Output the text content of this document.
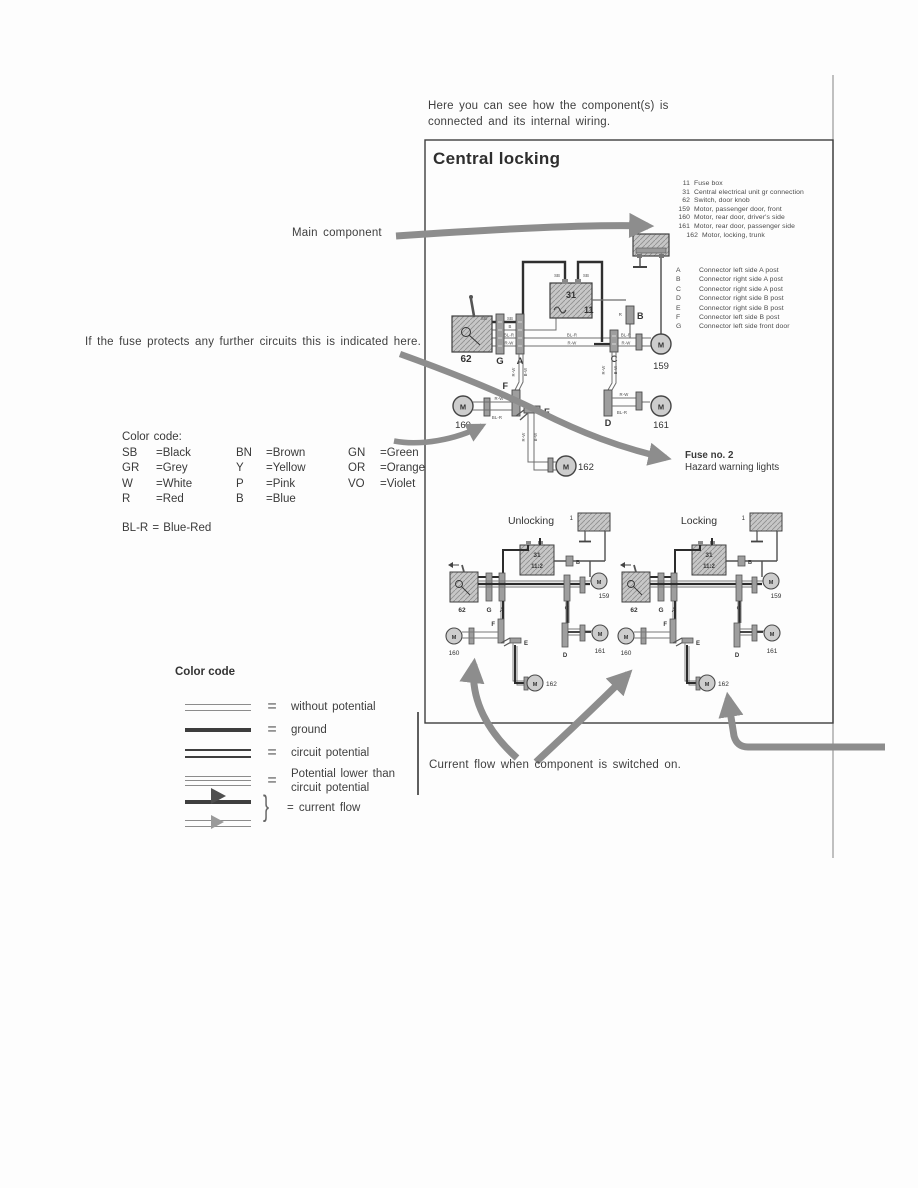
1
31
11:2
B
62	G	A	C
M
159
F
E
M
160
M	162
D
M
161
62	G A
SB	SB
B
BL-R
R-W
BL-R
R-W
BL-R
R-W
SB	SB
31
11	R B
M
159
C
R-W B-W
F
E
M
160
R-W
BL-R
R-W B-W
M 162
R-W B-W
D
R-W
BL-R
M
161
Unlocking	Locking
Here you can see how the component(s) is connected and its internal wiring.
Central locking
11 Fuse box
31 Central electrical unit gr connection
62 Switch, door knob
159 Motor, passenger door, front
160 Motor, rear door, driver's side
161 Motor, rear door, passenger side
162 Motor, locking, trunk
A	Connector left side A post
B	Connector right side A post
C	Connector right side A post
D	Connector right side B post
E	Connector right side B post
F	Connector left side B post
G	Connector left side front door
Main component
If the fuse protects any further circuits this is indicated here.
Color code:
SB	=Black	BN	=Brown	GN	=Green
GR	=Grey	Y	=Yellow	OR	=Orange
W	=White	P	=Pink	VO	=Violet
R	=Red	B	=Blue
BL-R = Blue-Red
Color code
= without potential
= ground
= circuit potential
= Potential lower than circuit potential
} = current flow
Fuse no. 2
Hazard warning lights
Current flow when component is switched on.
